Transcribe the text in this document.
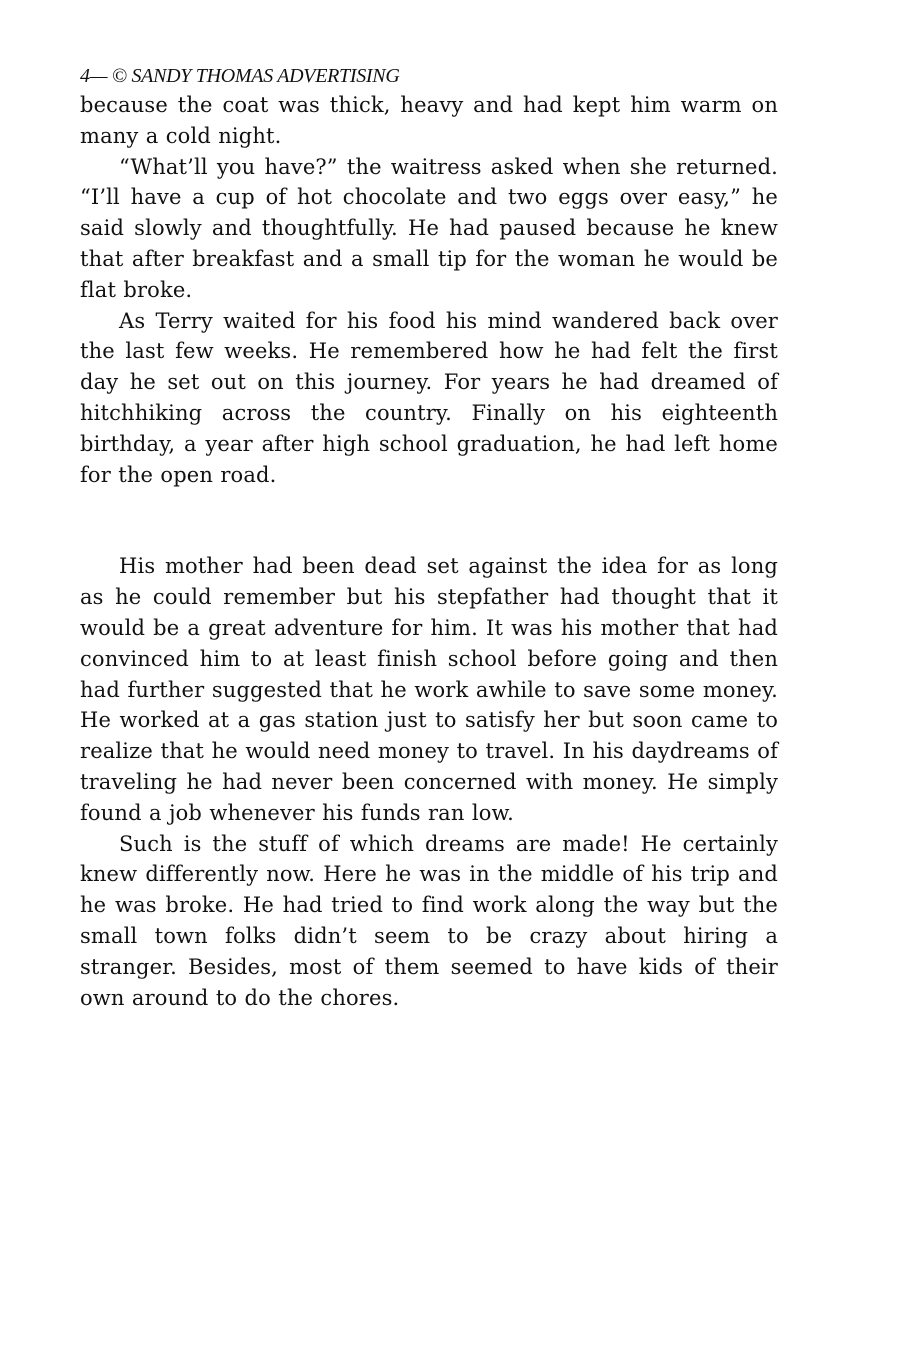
4— © SANDY THOMAS ADVERTISING

because the coat was thick, heavy and had kept him warm on many a cold night.

“What’ll you have?” the waitress asked when she returned. “I’ll have a cup of hot chocolate and two eggs over easy,” he said slowly and thoughtfully. He had paused because he knew that after breakfast and a small tip for the woman he would be flat broke.

As Terry waited for his food his mind wandered back over the last few weeks. He remembered how he had felt the first day he set out on this journey. For years he had dreamed of hitchhiking across the country. Finally on his eighteenth birthday, a year after high school graduation, he had left home for the open road.

His mother had been dead set against the idea for as long as he could remember but his stepfather had thought that it would be a great adventure for him. It was his mother that had convinced him to at least finish school before going and then had further suggested that he work awhile to save some money. He worked at a gas station just to satisfy her but soon came to realize that he would need money to travel. In his daydreams of traveling he had never been concerned with money. He simply found a job whenever his funds ran low.

Such is the stuff of which dreams are made! He certainly knew differently now. Here he was in the middle of his trip and he was broke. He had tried to find work along the way but the small town folks didn’t seem to be crazy about hiring a stranger. Besides, most of them seemed to have kids of their own around to do the chores.
